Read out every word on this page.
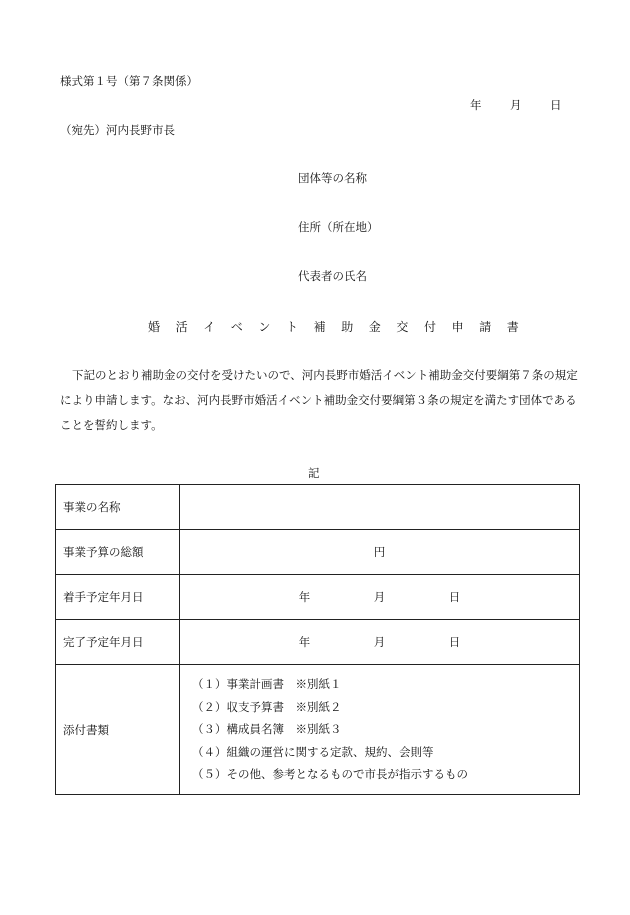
様式第１号（第７条関係）
年 月 日
（宛先）河内長野市長
団体等の名称
住所（所在地）
代表者の氏名
婚活イベント補助金交付申請書
下記のとおり補助金の交付を受けたいので、河内長野市婚活イベント補助金交付要綱第７条の規定により申請します。なお、河内長野市婚活イベント補助金交付要綱第３条の規定を満たす団体であることを誓約します。
記
事業の名称	
事業予算の総額	円
着手予定年月日	年 月 日

完了予定年月日	年 月 日

添付書類	（１）事業計画書　※別紙１
（２）収支予算書　※別紙２
（３）構成員名簿　※別紙３
（４）組織の運営に関する定款、規約、会則等
（５）その他、参考となるもので市長が指示するもの
